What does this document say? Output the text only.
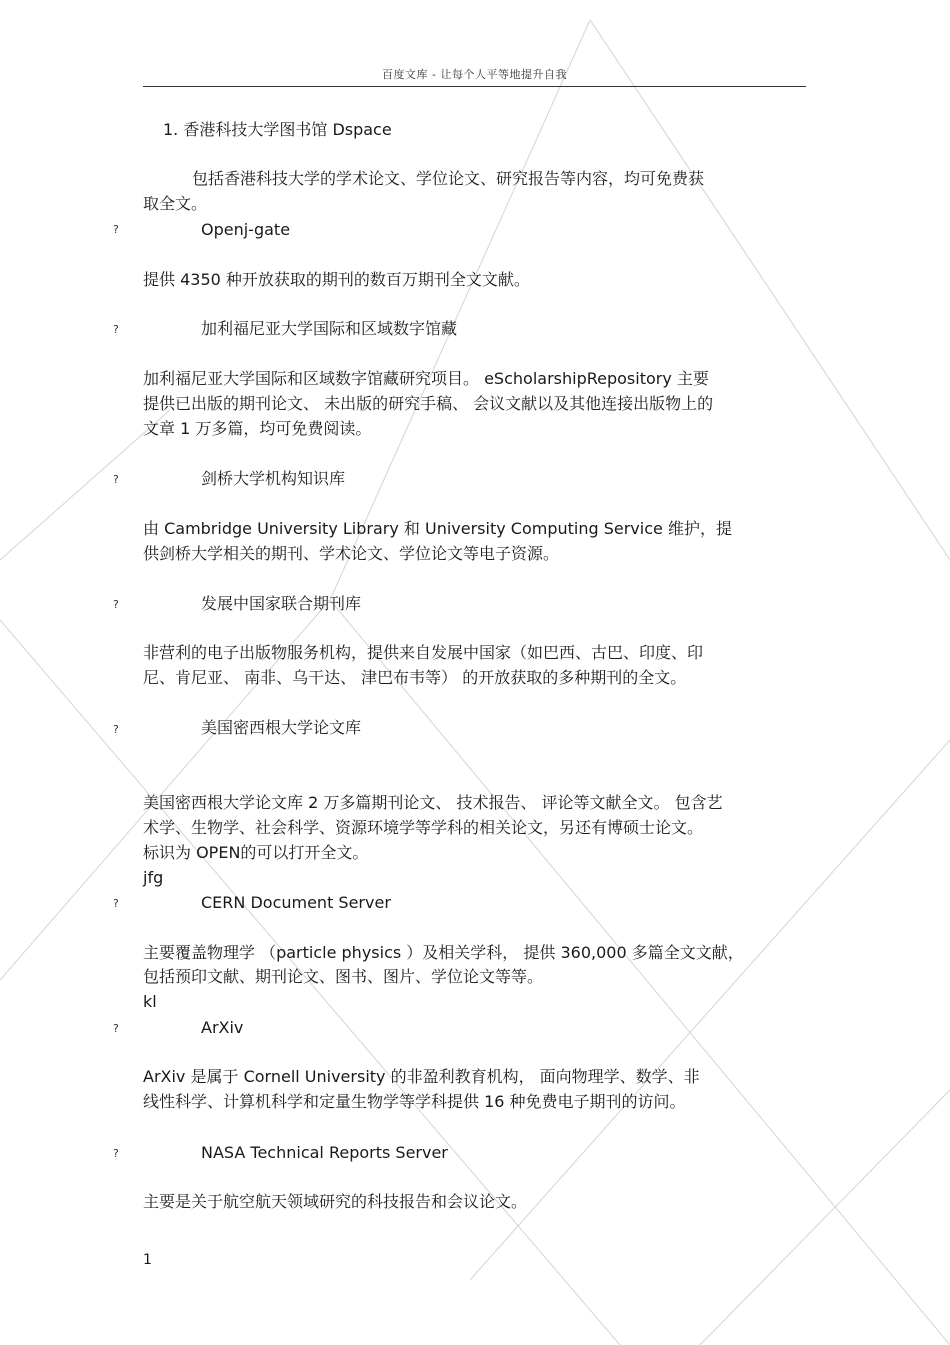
百度文库 - 让每个人平等地提升自我
1. 香港科技大学图书馆 Dspace
包括香港科技大学的学术论文、学位论文、研究报告等内容，均可免费获
取全文。
?	Openj-gate
提供 4350 种开放获取的期刊的数百万期刊全文文献。
?	加利福尼亚大学国际和区域数字馆藏
加利福尼亚大学国际和区域数字馆藏研究项目。 eScholarshipRepository 主要
提供已出版的期刊论文、 未出版的研究手稿、 会议文献以及其他连接出版物上的
文章 1 万多篇，均可免费阅读。
?	剑桥大学机构知识库
由 Cambridge University Library 和 University Computing Service 维护，提
供剑桥大学相关的期刊、学术论文、学位论文等电子资源。
?	发展中国家联合期刊库
非营利的电子出版物服务机构，提供来自发展中国家（如巴西、古巴、印度、印
尼、肯尼亚、 南非、乌干达、 津巴布韦等） 的开放获取的多种期刊的全文。
?	美国密西根大学论文库
美国密西根大学论文库 2 万多篇期刊论文、 技术报告、 评论等文献全文。 包含艺
术学、生物学、社会科学、资源环境学等学科的相关论文，另还有博硕士论文。
标识为 OPEN的可以打开全文。
jfg
?	CERN Document Server
主要覆盖物理学 （particle physics ）及相关学科， 提供 360,000 多篇全文文献，
包括预印文献、期刊论文、图书、图片、学位论文等等。
kl
?	ArXiv
ArXiv 是属于 Cornell University 的非盈利教育机构， 面向物理学、数学、非
线性科学、计算机科学和定量生物学等学科提供 16 种免费电子期刊的访问。
?	NASA Technical Reports Server
主要是关于航空航天领域研究的科技报告和会议论文。
1
